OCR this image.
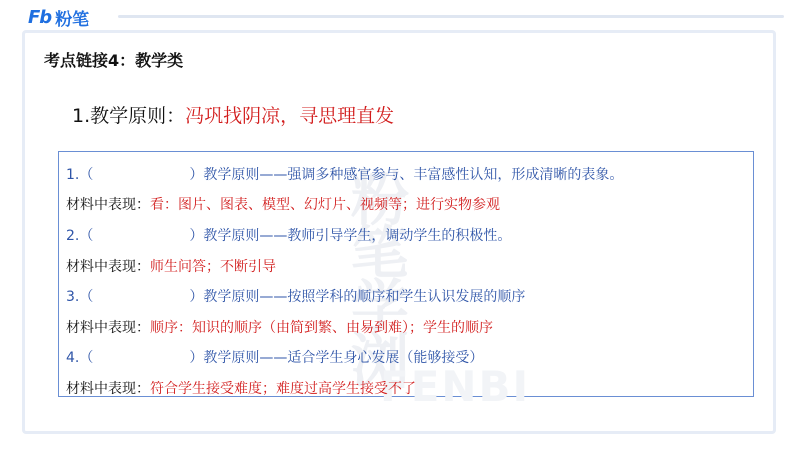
Fb 粉笔
考点链接4：教学类
1.教学原则：冯巩找阴凉，寻思理直发
粉笔学浏
FENBI
1.（	）教学原则——强调多种感官参与、丰富感性认知，形成清晰的表象。
材料中表现：看：图片、图表、模型、幻灯片、视频等；进行实物参观
2.（	）教学原则——教师引导学生，调动学生的积极性。
材料中表现：师生问答；不断引导
3.（	）教学原则——按照学科的顺序和学生认识发展的顺序
材料中表现：顺序：知识的顺序（由简到繁、由易到难）；学生的顺序
4.（	）教学原则——适合学生身心发展（能够接受）
材料中表现：符合学生接受难度；难度过高学生接受不了
